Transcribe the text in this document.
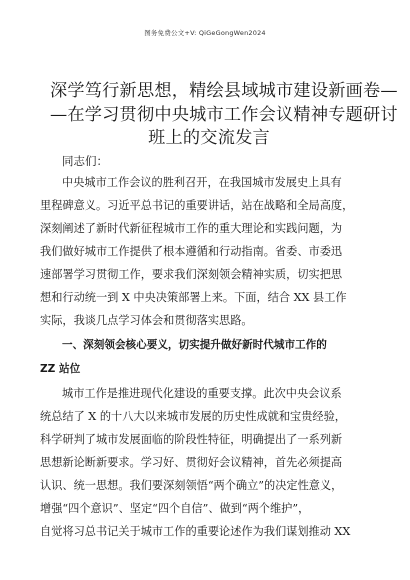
图务免费公文+V: QiGeGongWen2024
深学笃行新思想，精绘县域城市建设新画卷—
—在学习贯彻中央城市工作会议精神专题研讨
班上的交流发言
同志们：
中央城市工作会议的胜利召开，在我国城市发展史上具有
里程碑意义。习近平总书记的重要讲话，站在战略和全局高度，
深刻阐述了新时代新征程城市工作的重大理论和实践问题，为
我们做好城市工作提供了根本遵循和行动指南。省委、市委迅
速部署学习贯彻工作，要求我们深刻领会精神实质，切实把思
想和行动统一到 X 中央决策部署上来。下面，结合 XX 县工作
实际，我谈几点学习体会和贯彻落实思路。
一、深刻领会核心要义，切实提升做好新时代城市工作的
ZZ 站位
城市工作是推进现代化建设的重要支撑。此次中央会议系
统总结了 X 的十八大以来城市发展的历史性成就和宝贵经验，
科学研判了城市发展面临的阶段性特征，明确提出了一系列新
思想新论断新要求。学习好、贯彻好会议精神，首先必须提高
认识、统一思想。我们要深刻领悟“两个确立”的决定性意义，
增强“四个意识”、坚定“四个自信”、做到“两个维护”，
自觉将习总书记关于城市工作的重要论述作为我们谋划推动 XX
